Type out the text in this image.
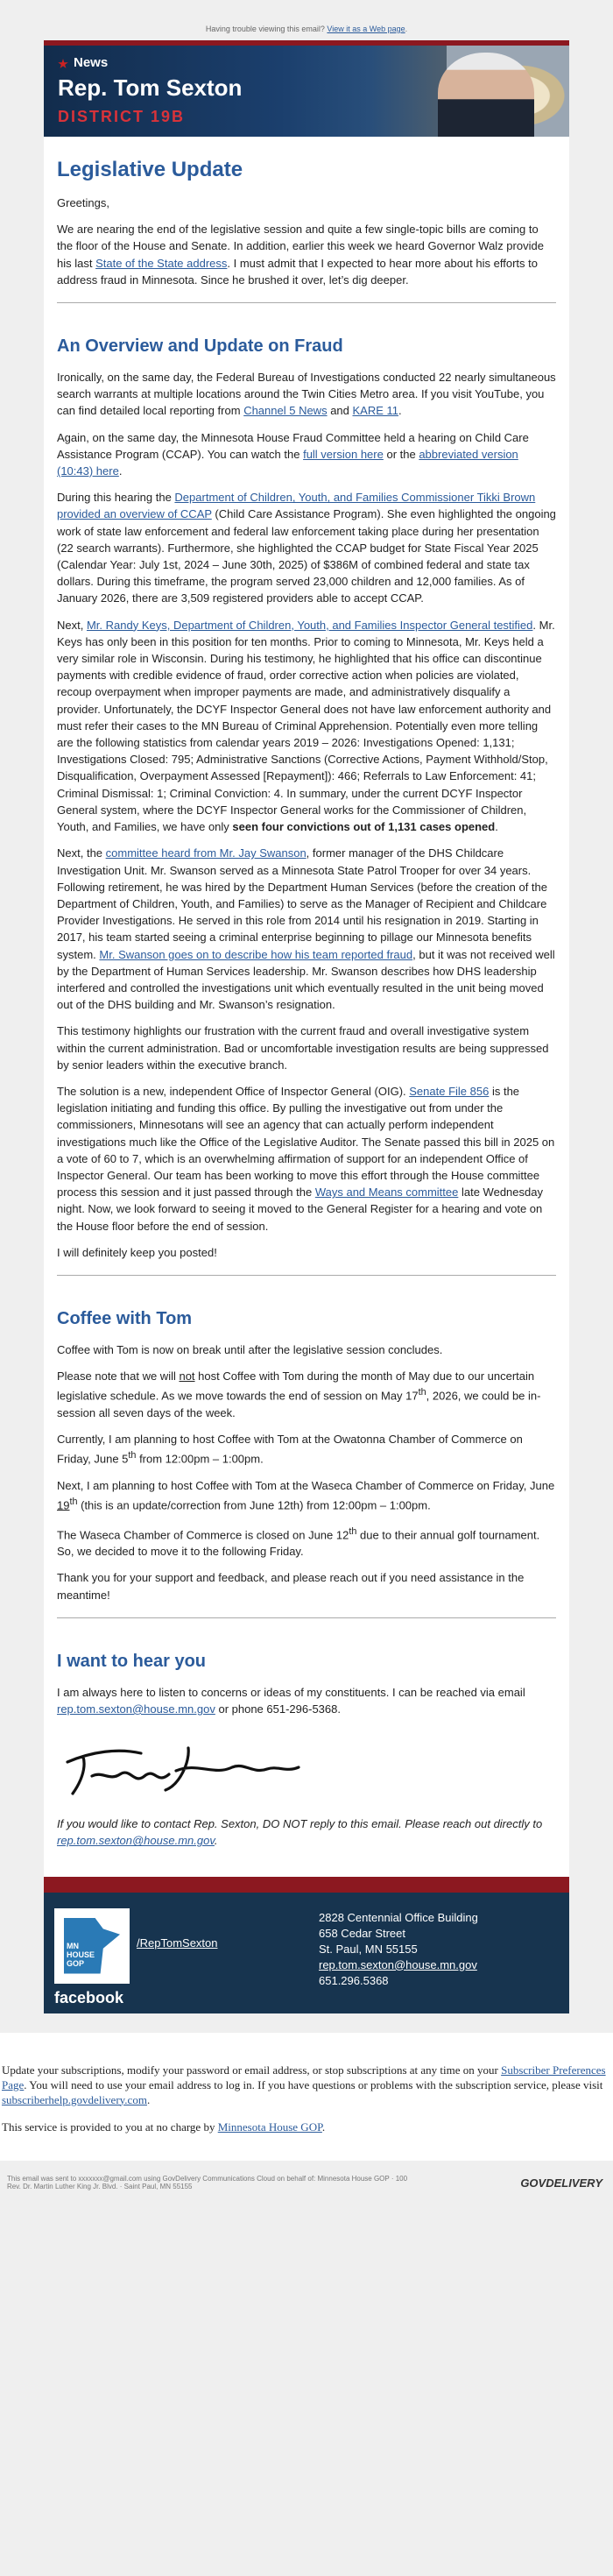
Having trouble viewing this email? View it as a Web page.
News
Rep. Tom Sexton
DISTRICT 19B
Legislative Update

Greetings,

We are nearing the end of the legislative session and quite a few single-topic bills are coming to the floor of the House and Senate. In addition, earlier this week we heard Governor Walz provide his last State of the State address. I must admit that I expected to hear more about his efforts to address fraud in Minnesota. Since he brushed it over, let’s dig deeper.

An Overview and Update on Fraud

Ironically, on the same day, the Federal Bureau of Investigations conducted 22 nearly simultaneous search warrants at multiple locations around the Twin Cities Metro area. If you visit YouTube, you can find detailed local reporting from Channel 5 News and KARE 11.

Again, on the same day, the Minnesota House Fraud Committee held a hearing on Child Care Assistance Program (CCAP). You can watch the full version here or the abbreviated version (10:43) here.

During this hearing the Department of Children, Youth, and Families Commissioner Tikki Brown provided an overview of CCAP (Child Care Assistance Program). She even highlighted the ongoing work of state law enforcement and federal law enforcement taking place during her presentation (22 search warrants). Furthermore, she highlighted the CCAP budget for State Fiscal Year 2025 (Calendar Year: July 1st, 2024 – June 30th, 2025) of $386M of combined federal and state tax dollars. During this timeframe, the program served 23,000 children and 12,000 families. As of January 2026, there are 3,509 registered providers able to accept CCAP.

Next, Mr. Randy Keys, Department of Children, Youth, and Families Inspector General testified. Mr. Keys has only been in this position for ten months. Prior to coming to Minnesota, Mr. Keys held a very similar role in Wisconsin. During his testimony, he highlighted that his office can discontinue payments with credible evidence of fraud, order corrective action when policies are violated, recoup overpayment when improper payments are made, and administratively disqualify a provider. Unfortunately, the DCYF Inspector General does not have law enforcement authority and must refer their cases to the MN Bureau of Criminal Apprehension. Potentially even more telling are the following statistics from calendar years 2019 – 2026: Investigations Opened: 1,131; Investigations Closed: 795; Administrative Sanctions (Corrective Actions, Payment Withhold/Stop, Disqualification, Overpayment Assessed [Repayment]): 466; Referrals to Law Enforcement: 41; Criminal Dismissal: 1; Criminal Conviction: 4. In summary, under the current DCYF Inspector General system, where the DCYF Inspector General works for the Commissioner of Children, Youth, and Families, we have only seen four convictions out of 1,131 cases opened.

Next, the committee heard from Mr. Jay Swanson, former manager of the DHS Childcare Investigation Unit. Mr. Swanson served as a Minnesota State Patrol Trooper for over 34 years. Following retirement, he was hired by the Department Human Services (before the creation of the Department of Children, Youth, and Families) to serve as the Manager of Recipient and Childcare Provider Investigations. He served in this role from 2014 until his resignation in 2019. Starting in 2017, his team started seeing a criminal enterprise beginning to pillage our Minnesota benefits system. Mr. Swanson goes on to describe how his team reported fraud, but it was not received well by the Department of Human Services leadership. Mr. Swanson describes how DHS leadership interfered and controlled the investigations unit which eventually resulted in the unit being moved out of the DHS building and Mr. Swanson’s resignation.

This testimony highlights our frustration with the current fraud and overall investigative system within the current administration. Bad or uncomfortable investigation results are being suppressed by senior leaders within the executive branch.

The solution is a new, independent Office of Inspector General (OIG). Senate File 856 is the legislation initiating and funding this office. By pulling the investigative out from under the commissioners, Minnesotans will see an agency that can actually perform independent investigations much like the Office of the Legislative Auditor. The Senate passed this bill in 2025 on a vote of 60 to 7, which is an overwhelming affirmation of support for an independent Office of Inspector General. Our team has been working to move this effort through the House committee process this session and it just passed through the Ways and Means committee late Wednesday night. Now, we look forward to seeing it moved to the General Register for a hearing and vote on the House floor before the end of session.

I will definitely keep you posted!

Coffee with Tom

Coffee with Tom is now on break until after the legislative session concludes.

Please note that we will not host Coffee with Tom during the month of May due to our uncertain legislative schedule. As we move towards the end of session on May 17th, 2026, we could be in-session all seven days of the week.

Currently, I am planning to host Coffee with Tom at the Owatonna Chamber of Commerce on Friday, June 5th from 12:00pm – 1:00pm.

Next, I am planning to host Coffee with Tom at the Waseca Chamber of Commerce on Friday, June 19th (this is an update/correction from June 12th) from 12:00pm – 1:00pm.

The Waseca Chamber of Commerce is closed on June 12th due to their annual golf tournament. So, we decided to move it to the following Friday.

Thank you for your support and feedback, and please reach out if you need assistance in the meantime!

I want to hear you

I am always here to listen to concerns or ideas of my constituents. I can be reached via email rep.tom.sexton@house.mn.gov or phone 651-296-5368.

If you would like to contact Rep. Sexton, DO NOT reply to this email. Please reach out directly to rep.tom.sexton@house.mn.gov.

MN
HOUSE
GOP
facebook
/RepTomSexton
2828 Centennial Office Building
658 Cedar Street
St. Paul, MN 55155
rep.tom.sexton@house.mn.gov
651.296.5368

Update your subscriptions, modify your password or email address, or stop subscriptions at any time on your Subscriber Preferences Page. You will need to use your email address to log in. If you have questions or problems with the subscription service, please visit subscriberhelp.govdelivery.com.

This service is provided to you at no charge by Minnesota House GOP.

This email was sent to xxxxxxx@gmail.com using GovDelivery Communications Cloud on behalf of: Minnesota House GOP · 100
Rev. Dr. Martin Luther King Jr. Blvd. · Saint Paul, MN 55155	GOVDELIVERY
